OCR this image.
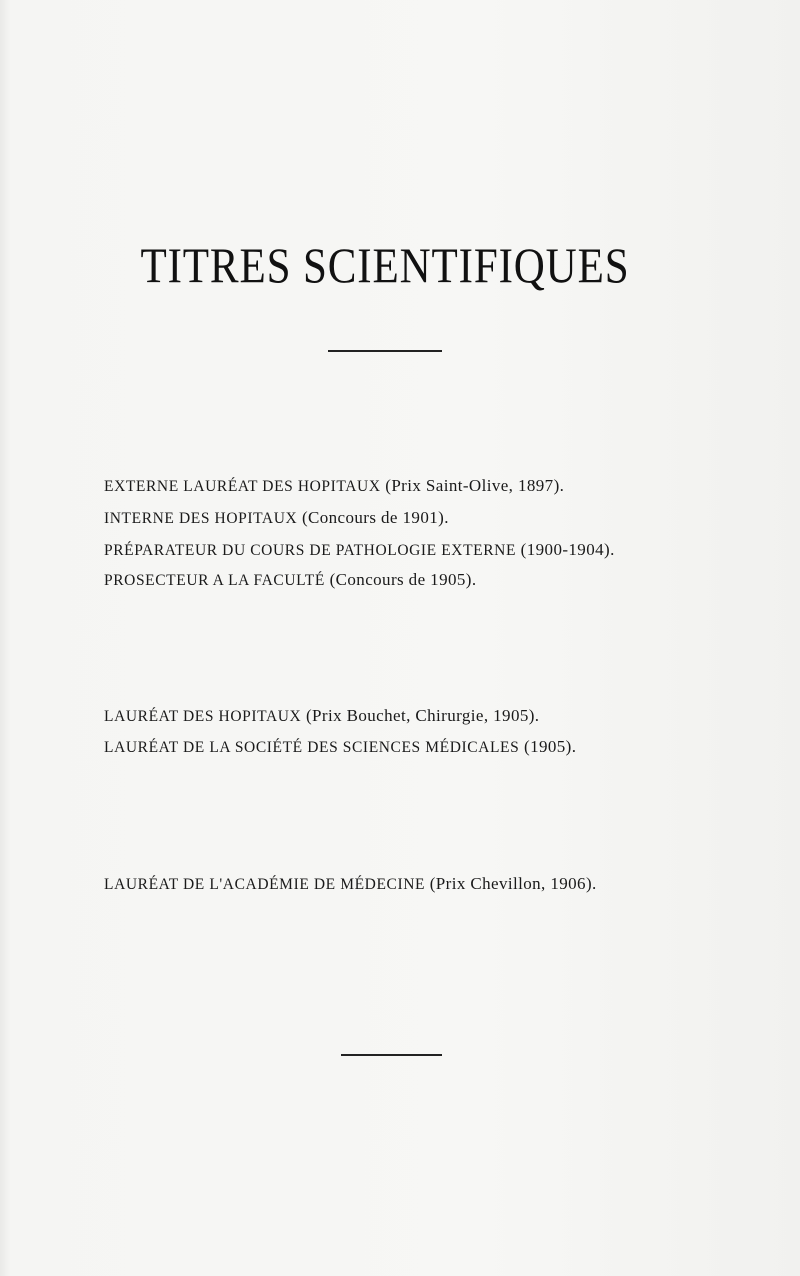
TITRES SCIENTIFIQUES
EXTERNE LAURÉAT DES HOPITAUX (Prix Saint-Olive, 1897).
INTERNE DES HOPITAUX (Concours de 1901).
PRÉPARATEUR DU COURS DE PATHOLOGIE EXTERNE (1900-1904).
PROSECTEUR A LA FACULTÉ (Concours de 1905).
LAURÉAT DES HOPITAUX (Prix Bouchet, Chirurgie, 1905).
LAURÉAT DE LA SOCIÉTÉ DES SCIENCES MÉDICALES (1905).
LAURÉAT DE L'ACADÉMIE DE MÉDECINE (Prix Chevillon, 1906).
